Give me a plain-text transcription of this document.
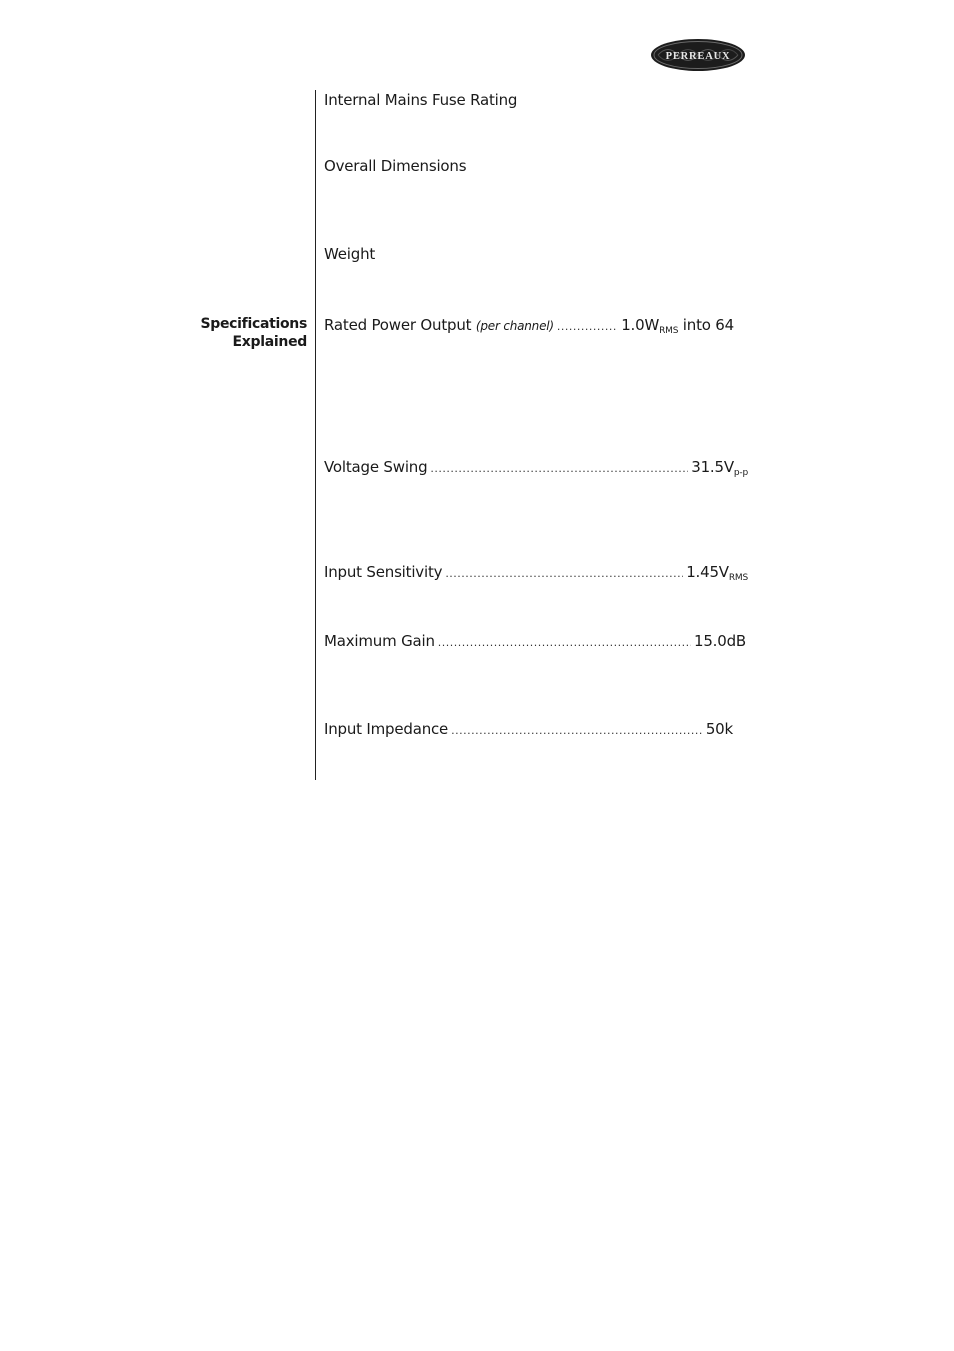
PERREAUX
Specifications
Explained
Internal Mains Fuse Rating
Overall Dimensions
Weight
Rated Power Output (per channel) .....	$1.0W_{RMS}$ into 64
Voltage Swing .....	$31.5V_{p-p}$
Input Sensitivity .....	$1.45V_{RMS}$
Maximum Gain .....	15.0dB
Input Impedance .....	50k
